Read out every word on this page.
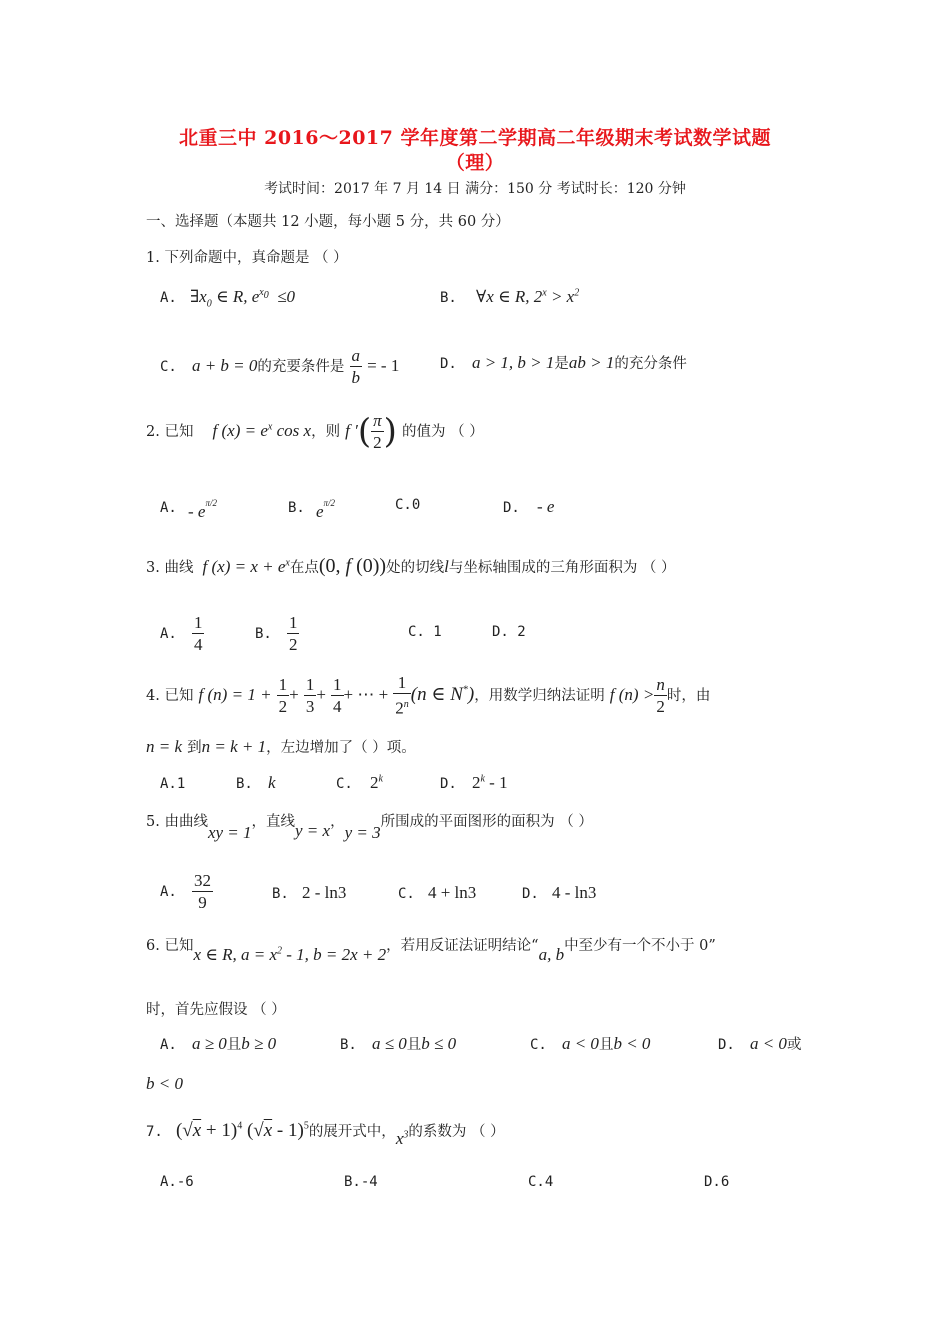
北重三中 2016～2017 学年度第二学期高二年级期末考试数学试题
（理）
考试时间：2017 年 7 月 14 日 满分：150 分 考试时长：120 分钟
一、选择题（本题共 12 小题，每小题 5 分，共 60 分）
1. 下列命题中，真命题是 （ ）
A. $\exists x_0$ ∈ R, $e^{x_0} \le 0$	B. ∀x ∈ R, $2^x > x^2$
C. a + b = 0的充要条件是 $\frac{a}{b}$ = - 1	D. a > 1, b > 1是ab > 1的充分条件
2. 已知 f $(x) = e^x$ cos x，则 f ′( $\frac{\pi}{2}$ ) 的值为 （ ）
A. - $e^{\pi/2}$	B. $e^{\pi/2}$	C.0	D. - e
3. 曲线 f $(x) = x + e^x$在点(0, f (0))处的切线l与坐标轴围成的三角形面积为 （ ）
A. $\frac{1}{4}$	B. $\frac{1}{2}$	C. 1	D. 2
4. 已知 f $(n) = 1 + \frac{1}{2} + \frac{1}{3} + \frac{1}{4}$ + ⋯ + $\frac{1}{2^n} (n$ ∈ N*)，用数学归纳法证明 f $(n) > \frac{n}{2}$ 时，由
n = k 到n = k + 1，左边增加了（ ）项。
A.1	B. k	C. 2$^k$	D. 2$^k$ - 1
5. 由曲线xy = 1，直线y = x，y = 3所围成的平面图形的面积为 （ ）
A. $\frac{32}{9}$	B. 2 - ln3	C. 4 + ln3	D. 4 - ln3
6. 已知x ∈ R, $a = x^2 - 1$, b = 2x + 2，若用反证法证明结论“a, b中至少有一个不小于 0”
时，首先应假设 （ ）
A. a ≥ 0且b ≥ 0	B. a ≤ 0且b ≤ 0	C. a < 0且b < 0	D. a < 0或
b < 0
7. $(√x + 1)^4$ (√x - 1)$^5$的展开式中，$x^3$的系数为 （ ）
A.-6	B.-4	C.4	D.6
